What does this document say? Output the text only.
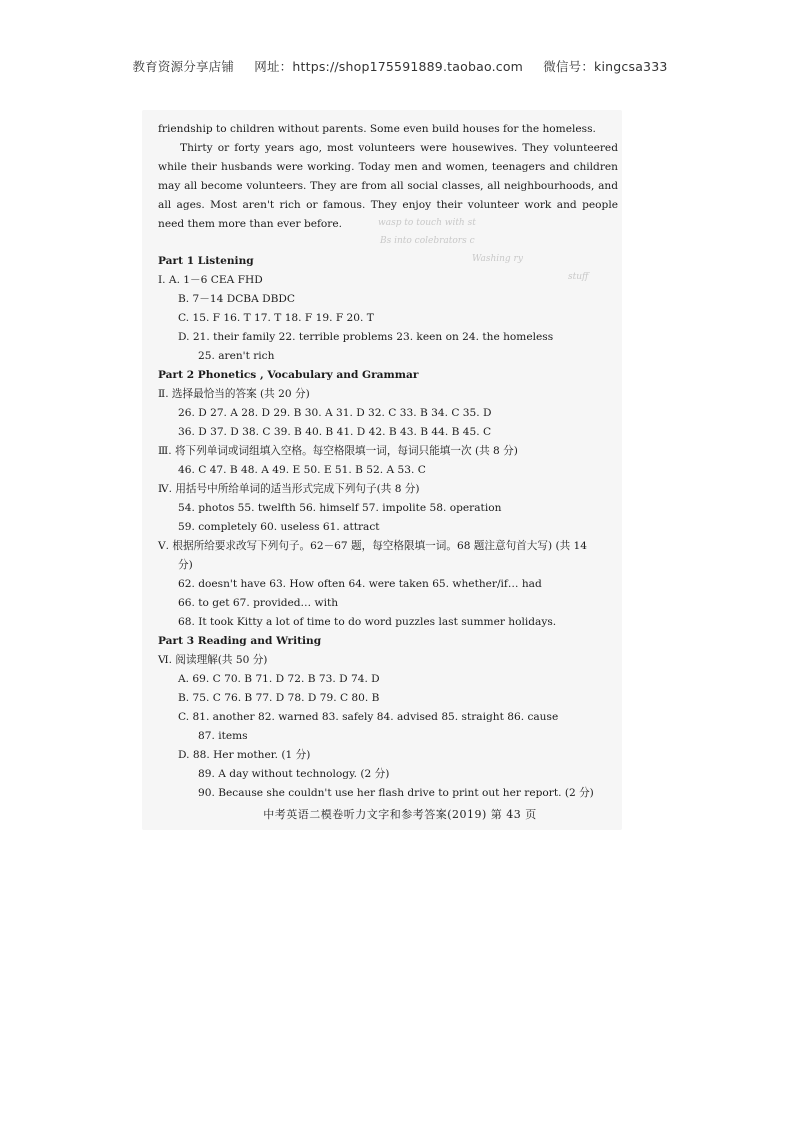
教育资源分享店铺 网址：https://shop175591889.taobao.com 微信号：kingcsa333
wasp to touch with st
Bs into colebrators c
Washing ry
stuff

friendship to children without parents. Some even build houses for the homeless.

Thirty or forty years ago, most volunteers were housewives. They volunteered while their husbands were working. Today men and women, teenagers and children may all become volunteers. They are from all social classes, all neighbourhoods, and all ages. Most aren't rich or famous. They enjoy their volunteer work and people need them more than ever before.

Part 1 Listening
Ⅰ. A. 1－6 CEA FHD
B. 7－14 DCBA DBDC
C. 15. F 16. T 17. T 18. F 19. F 20. T
D. 21. their family 22. terrible problems 23. keen on 24. the homeless
25. aren't rich
Part 2 Phonetics , Vocabulary and Grammar
Ⅱ. 选择最恰当的答案 (共 20 分)
26. D 27. A 28. D 29. B 30. A 31. D 32. C 33. B 34. C 35. D
36. D 37. D 38. C 39. B 40. B 41. D 42. B 43. B 44. B 45. C
Ⅲ. 将下列单词或词组填入空格。每空格限填一词，每词只能填一次 (共 8 分)
46. C 47. B 48. A 49. E 50. E 51. B 52. A 53. C
Ⅳ. 用括号中所给单词的适当形式完成下列句子(共 8 分)
54. photos 55. twelfth 56. himself 57. impolite 58. operation
59. completely 60. useless 61. attract
Ⅴ. 根据所给要求改写下列句子。62－67 题，每空格限填一词。68 题注意句首大写) (共 14
分)
62. doesn't have 63. How often 64. were taken 65. whether/if… had
66. to get 67. provided… with
68. It took Kitty a lot of time to do word puzzles last summer holidays.
Part 3 Reading and Writing
Ⅵ. 阅读理解(共 50 分)
A. 69. C 70. B 71. D 72. B 73. D 74. D
B. 75. C 76. B 77. D 78. D 79. C 80. B
C. 81. another 82. warned 83. safely 84. advised 85. straight 86. cause
87. items
D. 88. Her mother. (1 分)
89. A day without technology. (2 分)
90. Because she couldn't use her flash drive to print out her report. (2 分)
中考英语二模卷听力文字和参考答案(2019) 第 43 页
